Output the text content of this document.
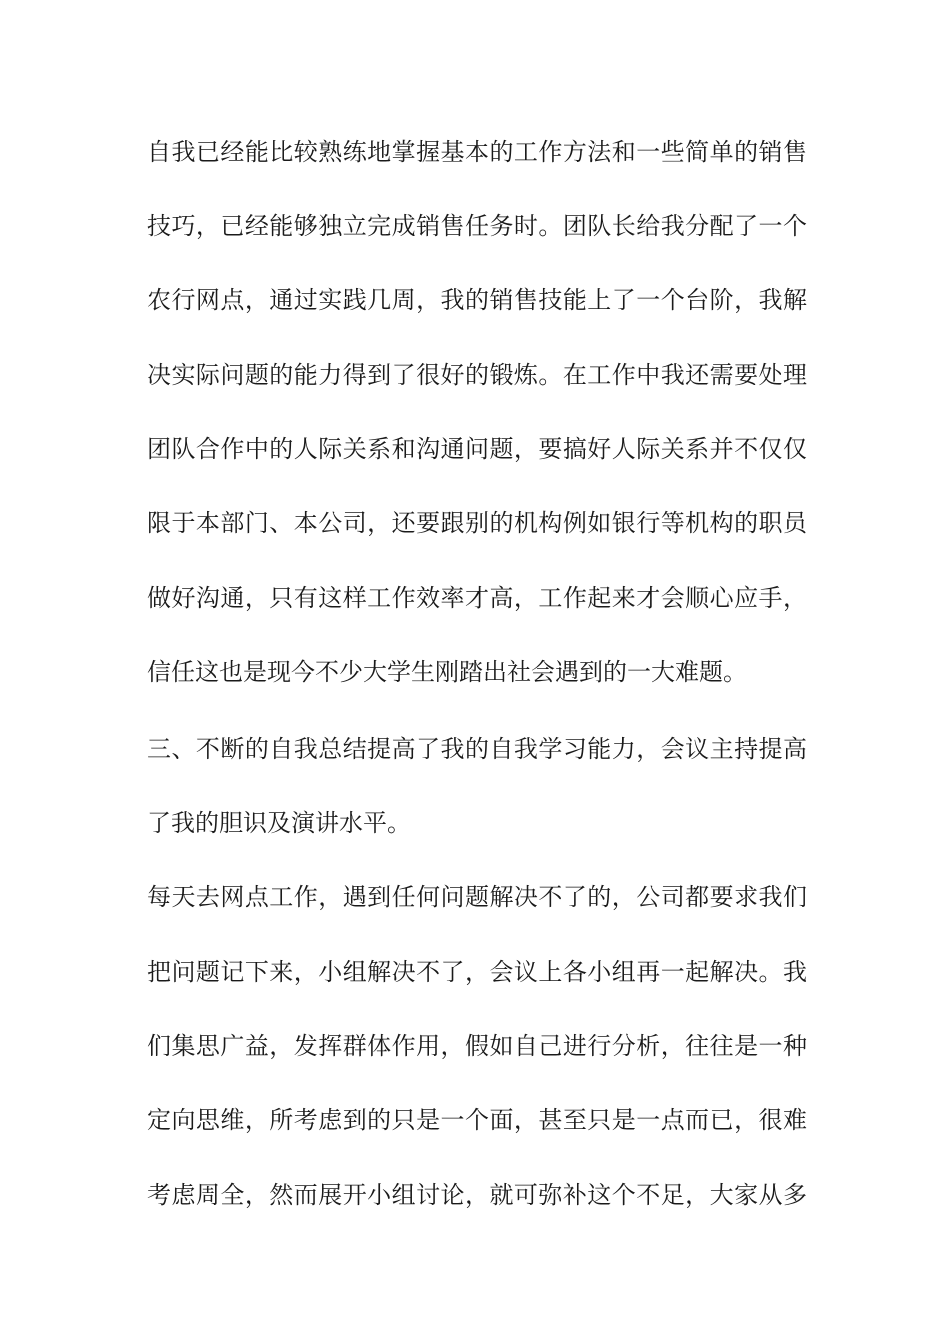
自我已经能比较熟练地掌握基本的工作方法和一些简单的销售
技巧，已经能够独立完成销售任务时。团队长给我分配了一个
农行网点，通过实践几周，我的销售技能上了一个台阶，我解
决实际问题的能力得到了很好的锻炼。在工作中我还需要处理
团队合作中的人际关系和沟通问题，要搞好人际关系并不仅仅
限于本部门、本公司，还要跟别的机构例如银行等机构的职员
做好沟通，只有这样工作效率才高，工作起来才会顺心应手，
信任这也是现今不少大学生刚踏出社会遇到的一大难题。
三、不断的自我总结提高了我的自我学习能力，会议主持提高
了我的胆识及演讲水平。
每天去网点工作，遇到任何问题解决不了的，公司都要求我们
把问题记下来，小组解决不了，会议上各小组再一起解决。我
们集思广益，发挥群体作用，假如自己进行分析，往往是一种
定向思维，所考虑到的只是一个面，甚至只是一点而已，很难
考虑周全，然而展开小组讨论，就可弥补这个不足，大家从多
